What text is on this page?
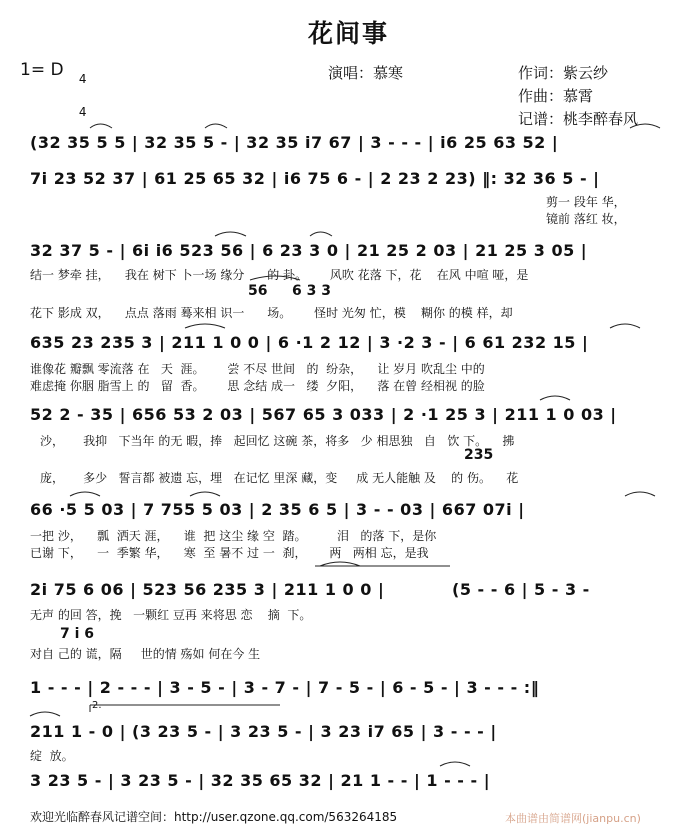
花间事
1= D

	4

4

演唱：慕寒	作词：紫云纱
作曲：慕霄
记谱：桃李醉春风
(32 35 5 5 | 32 35 5 - | 32 35 i7 67 | 3 - - - | i6 25 63 52 |
7i 23 52 37 | 61 25 65 32 | i6 75 6 - | 2 23 2 23) ‖: 32 36 5 - |
剪一 段年 华，
镜前 落红 妆，
32 37 5 - | 6i i6 523 56 | 6 23 3 0 | 21 25 2 03 | 21 25 3 05 |
结一 梦牵 挂，    我在 树下 卜一场 缘分      的 卦。      风吹 花落 下，花    在风 中喧 哑，是
花下 影成 双，    点点 落雨 蓦来相 识一      场。      怪时 光匆 忙，模    糊你 的模 样，却
635 23 235 3 | 211 1 0 0 | 6 ·1 2 12 | 3 ·2 3 - | 6 61 232 15 |
谁像花 瓣飘 零流落 在   天  涯。      尝 不尽 世间   的  纷杂，    让 岁月 吹乱尘 中的
难虑掩 你胭 脂雪上 的   留  香。      思 念结 成一   缕  夕阳，    落 在曾 经相视 的脸
52 2 - 35 | 656 53 2 03 | 567 65 3 033 | 2 ·1 25 3 | 211 1 0 03 |
沙，     我抑   下当年 的无 暇，捧   起回忆 这碗 茶，将多   少 相思独   自   饮 下。    拂
庞，     多少   誓言都 被遗 忘，埋   在记忆 里深 藏，变     成 无人能触 及    的 伤。    花
66 ·5 5 03 | 7 755 5 03 | 2 35 6 5 | 3 - - 03 | 667 07i |
一把 沙，    瓢  洒天 涯，    谁  把 这尘 缘 空  踏。        泪   的落 下，是你
已谢 下，    一  季繁 华，    寒  至 暑不 过 一  刹，      两   两相 忘，是我
2i 75 6 06 | 523 56 235 3 | 211 1 0 0 |
无声 的回 答，挽   一颗红 豆再 来将思 恋    摘  下。
对自 己的 谎，隔     世的情 殇如 何在今 生
1 - - - | 2 - - - | 3 - 5 - | 3 - 7 - | 7 - 5 - | 6 - 5 - | 3 - - - :‖
211 1 - 0 | (3 23 5 - | 3 23 5 - | 3 23 i7 65 | 3 - - - |
绽  放。
3 23 5 - | 3 23 5 - | 32 35 65 32 | 21 1 - - | 1 - - - |
56 6 3 3
235
7 i 6
(5 - - 6 | 5 - 3 -
2.
欢迎光临醉春风记谱空间：http://user.qzone.qq.com/563264185	本曲谱由简谱网(jianpu.cn)
